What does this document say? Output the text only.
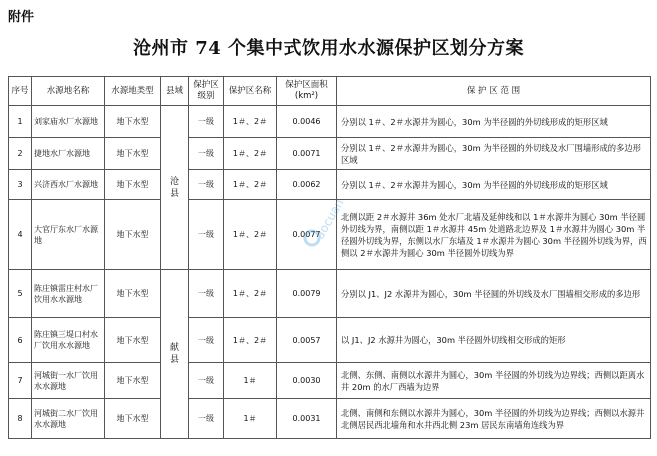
附件
沧州市 74 个集中式饮用水水源保护区划分方案
序号	水源地名称	水源地类型	县域	保护区级别	保护区名称	保护区面积(km²)	保 护 区 范 围
1	刘家庙水厂水源地	地下水型	沧县	一级	1＃、2＃	0.0046	分别以 1＃、2＃水源井为圆心，30m 为半径圆的外切线形成的矩形区域
2	捷地水厂水源地	地下水型		一级	1＃、2＃	0.0071	分别以 1＃、2＃水源井为圆心，30m 为半径圆的外切线及水厂围墙形成的多边形区域
3	兴济西水厂水源地	地下水型		一级	1＃、2＃	0.0062	分别以 1＃、2＃水源井为圆心，30m 为半径圆的外切线形成的矩形区域
4	大官厅东水厂水源地	地下水型		一级	1＃、2＃	0.0077	北侧以距 2＃水源井 36m 处水厂北墙及延伸线和以 1＃水源井为圆心 30m 半径圆外切线为界，南侧以距 1＃水源井 45m 处道路北边界及 1＃水源井为圆心 30m 半径圆外切线为界，东侧以水厂东墙及 1＃水源井为圆心 30m 半径圆外切线为界，西侧以 2＃水源井为圆心 30m 半径圆外切线为界
5	陈庄镇雷庄村水厂饮用水水源地	地下水型	献县	一级	1＃、2＃	0.0079	分别以 J1、J2 水源井为圆心，30m 半径圆的外切线及水厂围墙相交形成的多边形
6	陈庄镇三堤口村水厂饮用水水源地	地下水型		一级	1＃、2＃	0.0057	以 J1、J2 水源井为圆心，30m 半径圆外切线相交形成的矩形
7	河城街一水厂饮用水水源地	地下水型		一级	1＃	0.0030	北侧、东侧、南侧以水源井为圆心，30m 半径圆的外切线为边界线；西侧以距离水井 20m 的水厂西墙为边界
8	河城街二水厂饮用水水源地	地下水型		一级	1＃	0.0031	北侧、南侧和东侧以水源井为圆心，30m 半径圆的外切线为边界线；西侧以水源井北侧居民西北墙角和水井西北侧 23m 居民东南墙角连线为界
aocuan
